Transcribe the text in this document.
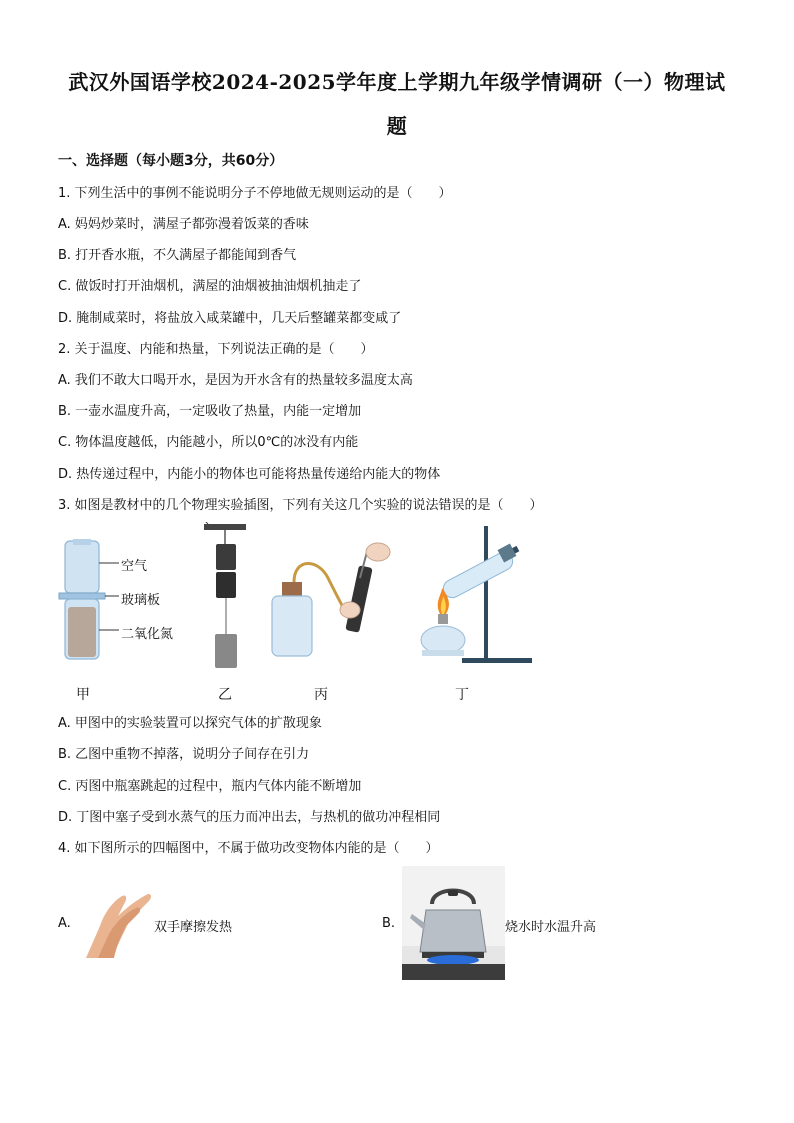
武汉外国语学校2024-2025学年度上学期九年级学情调研（一）物理试
题
一、选择题（每小题3分，共60分）
1. 下列生活中的事例不能说明分子不停地做无规则运动的是（　　）
A. 妈妈炒菜时，满屋子都弥漫着饭菜的香味
B. 打开香水瓶，不久满屋子都能闻到香气
C. 做饭时打开油烟机，满屋的油烟被抽油烟机抽走了
D. 腌制咸菜时，将盐放入咸菜罐中，几天后整罐菜都变咸了
2. 关于温度、内能和热量，下列说法正确的是（　　）
A. 我们不敢大口喝开水，是因为开水含有的热量较多温度太高
B. 一壶水温度升高，一定吸收了热量，内能一定增加
C. 物体温度越低，内能越小，所以0℃的冰没有内能
D. 热传递过程中，内能小的物体也可能将热量传递给内能大的物体
3. 如图是教材中的几个物理实验插图，下列有关这几个实验的说法错误的是（　　）
空气
玻璃板
二氧化氮
甲	乙	丙	丁
A. 甲图中的实验装置可以探究气体的扩散现象
B. 乙图中重物不掉落，说明分子间存在引力
C. 丙图中瓶塞跳起的过程中，瓶内气体内能不断增加
D. 丁图中塞子受到水蒸气的压力而冲出去，与热机的做功冲程相同
4. 如下图所示的四幅图中，不属于做功改变物体内能的是（　　）
A.	双手摩擦发热	B.	烧水时水温升高
